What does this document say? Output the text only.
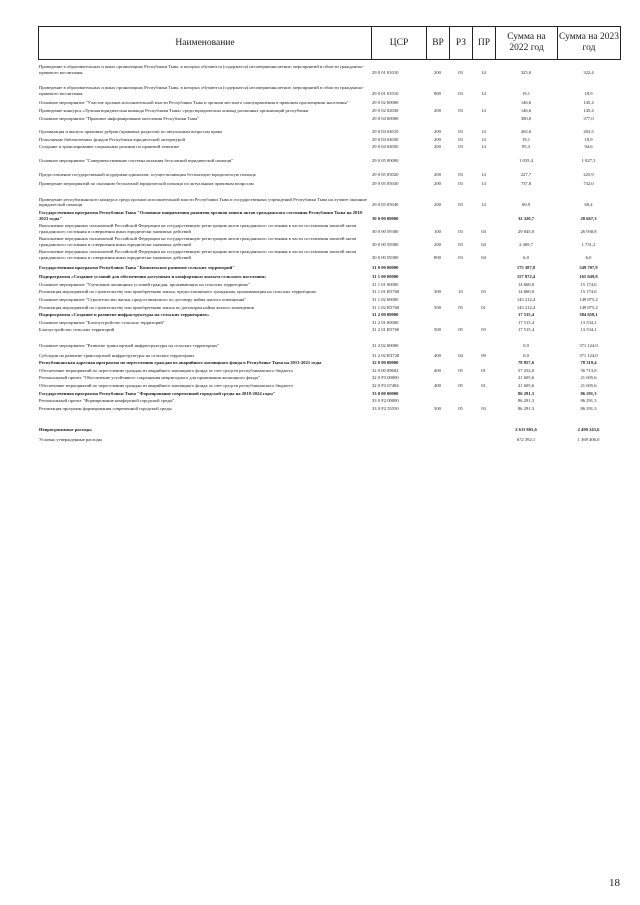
Наименование	ЦСР	ВР	РЗ	ПР	Сумма на 2022 год	Сумма на 2023 год
Проведение в образовательных и иных организациях Республики Тыва, в которых обучаются (содержатся) несовершеннолетние, мероприятий в области гражданско-правового воспитания	29 0 01 01010	200	03	14	325,0	322,4
Проведение в образовательных и иных организациях Республики Тыва, в которых обучаются (содержатся) несовершеннолетние, мероприятий в области гражданско-правового воспитания	29 0 01 01010	800	03	14	19,1	18,9
Основное мероприятие "Участие органов исполнительной власти Республики Тыва и органов местного самоуправления в правовом просвещении населения"	29 0 02 00000				146,6	145,4
Проведение конкурса «Лучшая юридическая команда Республики Тыва» среди юридических команд различных организаций республики	29 0 02 02030	200	03	14	146,6	145,4
Основное мероприятие "Правовое информирование населения Республики Тыва"	29 0 04 00000				380,0	377,0
Организация и выпуск правовых рубрик (правовых разделов) по актуальным вопросам права	29 0 04 04010	200	03	14	265,6	263,5
Пополнение библиотечных фондов Республики юридической литературой	29 0 04 04030	200	03	14	19,1	18,9
Создание и транслирование социальных роликов по правовой тематике	29 0 04 04050	200	03	14	95,3	94,6
Основное мероприятие "Совершенствование системы оказания бесплатной юридической помощи"	29 0 05 00000				1 035,4	1 027,3
Предоставление государственной поддержки адвокатам, осуществляющим бесплатную юридическую помощь	29 0 05 05020	200	03	14	227,7	225,9
Проведение мероприятий по оказанию бесплатной юридической помощи по актуальным правовым вопросам	29 0 05 05030	200	03	14	737,8	732,0
Проведение республиканского конкурса среди органов исполнительной власти Республики Тыва и государственных учреждений Республики Тыва на лучшее оказание юридической помощи	29 0 05 05040	200	03	14	69,9	69,4
Государственная программа Республики Тыва "Основные направления развития органов записи актов гражданского состояния Республики Тыва на 2018-2023 годы"	30 0 00 00000				32 320,7	28 667,3
Выполнение переданных полномочий Российской Федерации на государственную регистрацию актов гражданского состояния в части составления записей актов гражданского состояния и совершения иных юридически значимых действий	30 0 00 59300	100	03	04	29 845,0	26 930,8
Выполнение переданных полномочий Российской Федерации на государственную регистрацию актов гражданского состояния в части составления записей актов гражданского состояния и совершения иных юридически значимых действий	30 0 00 59300	200	03	04	2 469,7	1 731,2
Выполнение переданных полномочий Российской Федерации на государственную регистрацию актов гражданского состояния в части составления записей актов гражданского состояния и совершения иных юридически значимых действий	30 0 00 59300	800	03	04	6,0	6,0
Государственная программа Республики Тыва "Комплексное развитие сельских территорий"	31 0 00 00000				175 387,8	549 707,9
Подпрограмма «Создание условий для обеспечения доступным и комфортным жильем сельского населения»	31 1 00 00000				157 872,4	165 049,8
Основное мероприятие "Улучшение жилищных условий граждан, проживающих на сельских территориях"	31 1 01 00000				14 660,0	15 174,6
Реализация мероприятий по строительству или приобретению жилья, предоставляемого гражданам, проживающим на сельских территориях	31 1 01 R5760	300	10	03	14 660,0	15 174,6
Основное мероприятие "Строительство жилья, предоставляемого по договору найма жилого помещения"	31 1 02 00000				143 212,4	149 875,2
Реализация мероприятий по строительству или приобретению жилья по договорам найма жилого помещения	31 1 02 R5760	500	05	01	143 212,4	149 875,2
Подпрограмма «Создание и развитие инфраструктуры на сельских территориях»	31 2 00 00000				17 515,4	384 658,1
Основное мероприятие "Благоустройство сельских территорий"	31 2 01 00000				17 515,4	13 534,1
Благоустройство сельских территорий	31 2 01 R5760	500	05	03	17 515,4	13 534,1
Основное мероприятие "Развитие транспортной инфраструктуры на сельских территориях"	31 2 02 00000				0,0	371 124,0
Субсидии на развитие транспортной инфраструктуры на сельских территориях	31 2 02 R3720	400	04	09	0,0	371 124,0
Республиканская адресная программа по переселению граждан из аварийного жилищного фонда в Республике Тыва на 2013-2021 годы	32 0 00 00000				78 857,6	78 319,4
Обеспечение мероприятий по переселению граждан из аварийного жилищного фонда за счет средств республиканского бюджета	32 0 00 09602	400	05	01	57 252,0	56 713,8
Региональный проект "Обеспечение устойчивого сокращения непригодного для проживания жилищного фонда"	32 0 F3 00000				21 605,6	21 605,6
Обеспечение мероприятий по переселению граждан из аварийного жилищного фонда за счет средств республиканского бюджета	32 0 F3 67484	400	05	01	21 605,6	21 605,6
Государственная программа Республики Тыва "Формирование современной городской среды на 2018-2024 годы"	33 0 00 00000				86 291,3	86 291,3
Региональный проект "Формирование комфортной городской среды"	33 0 F2 00000				86 291,3	86 291,3
Реализация программ формирования современной городской среды	33 0 F2 55550	500	05	03	86 291,3	86 291,3
Непрограммные расходы					2 611 865,6	2 499 243,6
Условно утвержденные расходы					672 392,1	1 369 406,0
18
